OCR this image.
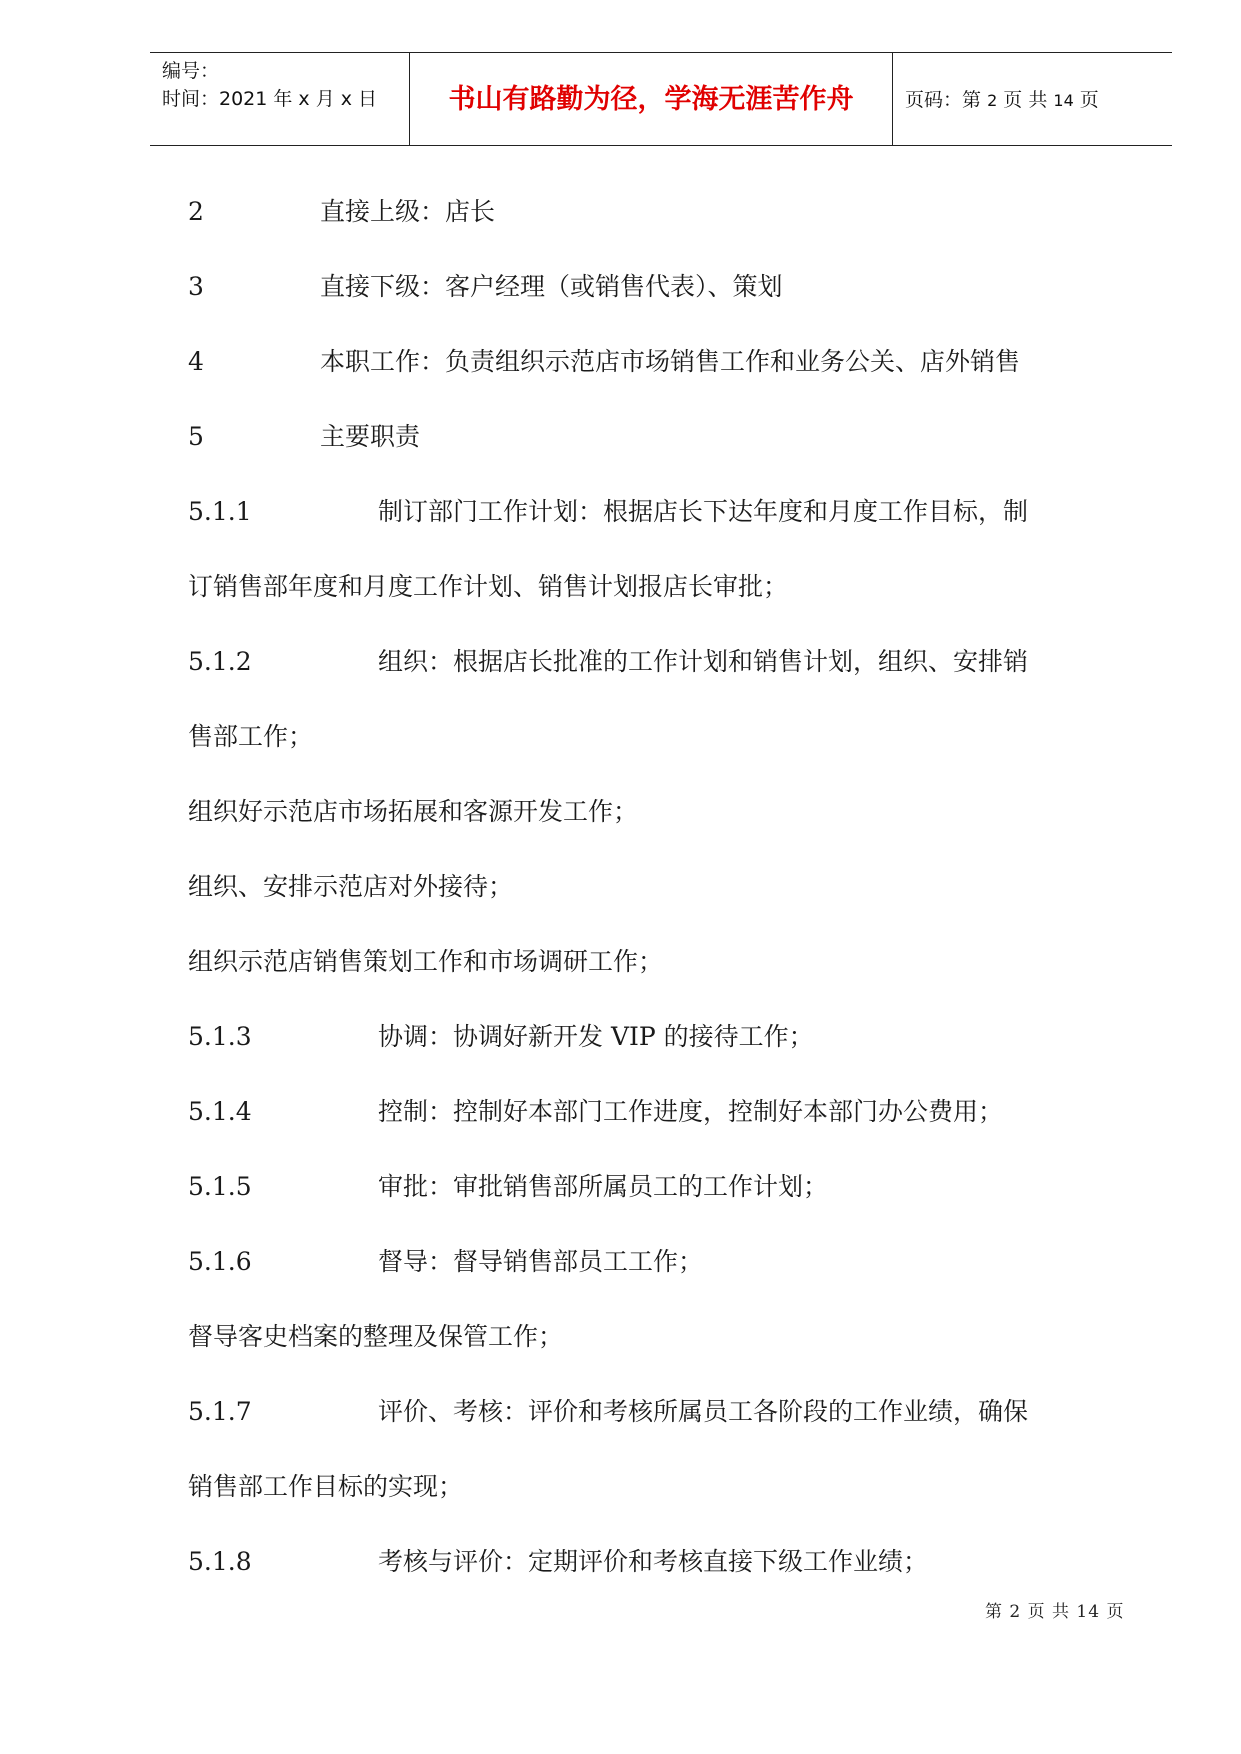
编号：
时间：2021 年 x 月 x 日	书山有路勤为径，学海无涯苦作舟	页码：第 2 页 共 14 页
2	直接上级：店长
3	直接下级：客户经理（或销售代表）、策划
4	本职工作：负责组织示范店市场销售工作和业务公关、店外销售
5	主要职责
5.1.1	制订部门工作计划：根据店长下达年度和月度工作目标，制
订销售部年度和月度工作计划、销售计划报店长审批；
5.1.2	组织：根据店长批准的工作计划和销售计划，组织、安排销
售部工作；
组织好示范店市场拓展和客源开发工作；
组织、安排示范店对外接待；
组织示范店销售策划工作和市场调研工作；
5.1.3	协调：协调好新开发 VIP 的接待工作；
5.1.4	控制：控制好本部门工作进度，控制好本部门办公费用；
5.1.5	审批：审批销售部所属员工的工作计划；
5.1.6	督导：督导销售部员工工作；
督导客史档案的整理及保管工作；
5.1.7	评价、考核：评价和考核所属员工各阶段的工作业绩，确保
销售部工作目标的实现；
5.1.8	考核与评价：定期评价和考核直接下级工作业绩；
第 2 页 共 14 页
